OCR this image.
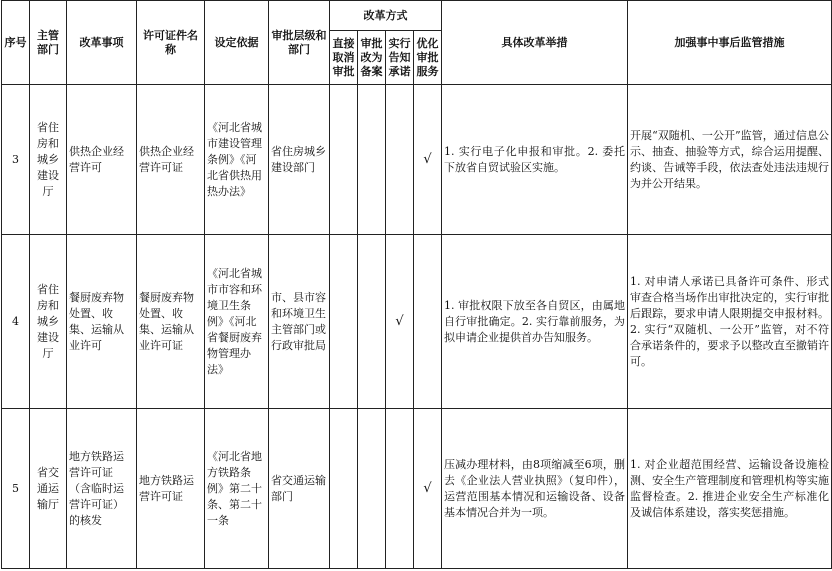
序号	主管部门	改革事项	许可证件名称	设定依据	审批层级和部门	改革方式				具体改革举措	加强事中事后监管措施
						直接取消审批	审批改为备案	实行告知承诺	优化审批服务		
3	省住房和城乡建设厅	供热企业经营许可	供热企业经营许可证	《河北省城市建设管理条例》《河北省供热用热办法》	省住房城乡建设部门				√	1. 实行电子化申报和审批。2. 委托下放省自贸试验区实施。	开展“双随机、一公开”监管，通过信息公示、抽查、抽验等方式，综合运用提醒、约谈、告诫等手段，依法查处违法违规行为并公开结果。
4	省住房和城乡建设厅	餐厨废弃物处置、收集、运输从业许可	餐厨废弃物处置、收集、运输从业许可证	《河北省城市市容和环境卫生条例》《河北省餐厨废弃物管理办法》	市、县市容和环境卫生主管部门或行政审批局			√		1. 审批权限下放至各自贸区，由属地自行审批确定。2. 实行靠前服务，为拟申请企业提供首办告知服务。	1. 对申请人承诺已具备许可条件、形式审查合格当场作出审批决定的，实行审批后跟踪，要求申请人限期提交申报材料。2. 实行“双随机、一公开”监管，对不符合承诺条件的，要求予以整改直至撤销许可。
5	省交通运输厅	地方铁路运营许可证（含临时运营许可证）的核发	地方铁路运营许可证	《河北省地方铁路条例》第二十条、第二十一条	省交通运输部门				√	压减办理材料，由8项缩减至6项，删去《企业法人营业执照》（复印件），运营范围基本情况和运输设备、设备基本情况合并为一项。	1. 对企业超范围经营、运输设备设施检测、安全生产管理制度和管理机构等实施监督检查。2. 推进企业安全生产标准化及诚信体系建设，落实奖惩措施。
